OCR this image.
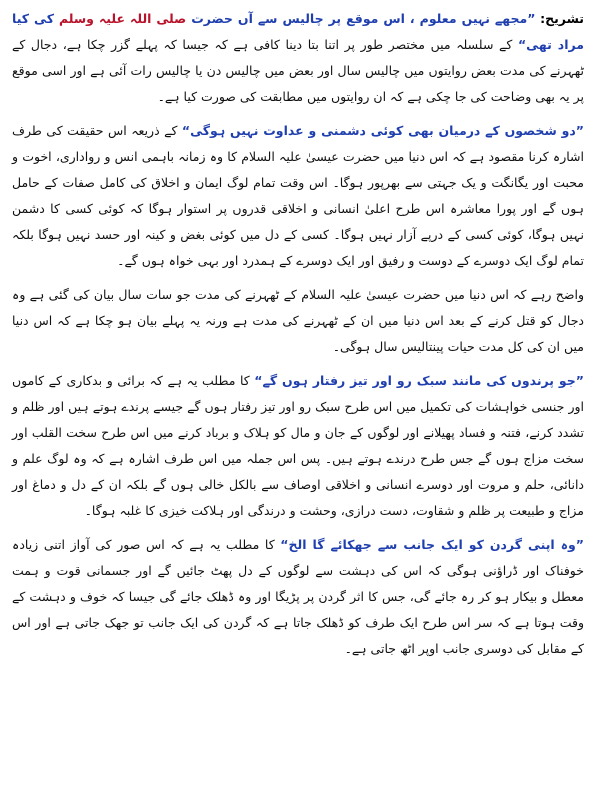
تشریح: ”مجھے نہیں معلوم ، اس موقع پر چالیس سے آں حضرت صلی اللہ علیہ وسلم کی کیا مراد تھی“ کے سلسلہ میں مختصر طور پر اتنا بتا دینا کافی ہے کہ جیسا کہ پہلے گزر چکا ہے، دجال کے ٹھہرنے کی مدت بعض روایتوں میں چالیس سال اور بعض میں چالیس دن یا چالیس رات آئی ہے اور اسی موقع پر یہ بھی وضاحت کی جا چکی ہے کہ ان روایتوں میں مطابقت کی صورت کیا ہے۔

”دو شخصوں کے درمیان بھی کوئی دشمنی و عداوت نہیں ہوگی“ کے ذریعہ اس حقیقت کی طرف اشارہ کرنا مقصود ہے کہ اس دنیا میں حضرت عیسیٰ علیہ السلام کا وہ زمانہ باہمی انس و رواداری، اخوت و محبت اور یگانگت و یک جہتی سے بھرپور ہوگا۔ اس وقت تمام لوگ ایمان و اخلاق کی کامل صفات کے حامل ہوں گے اور پورا معاشرہ اس طرح اعلیٰ انسانی و اخلاقی قدروں پر استوار ہوگا کہ کوئی کسی کا دشمن نہیں ہوگا، کوئی کسی کے درپے آزار نہیں ہوگا۔ کسی کے دل میں کوئی بغض و کینہ اور حسد نہیں ہوگا بلکہ تمام لوگ ایک دوسرے کے دوست و رفیق اور ایک دوسرے کے ہمدرد اور بہی خواہ ہوں گے۔

واضح رہے کہ اس دنیا میں حضرت عیسیٰ علیہ السلام کے ٹھہرنے کی مدت جو سات سال بیان کی گئی ہے وہ دجال کو قتل کرنے کے بعد اس دنیا میں ان کے ٹھہرنے کی مدت ہے ورنہ یہ پہلے بیان ہو چکا ہے کہ اس دنیا میں ان کی کل مدت حیات پینتالیس سال ہوگی۔

”جو پرندوں کی مانند سبک رو اور تیز رفتار ہوں گے“ کا مطلب یہ ہے کہ برائی و بدکاری کے کاموں اور جنسی خواہشات کی تکمیل میں اس طرح سبک رو اور تیز رفتار ہوں گے جیسے پرندے ہوتے ہیں اور ظلم و تشدد کرنے، فتنہ و فساد پھیلانے اور لوگوں کے جان و مال کو ہلاک و برباد کرنے میں اس طرح سخت القلب اور سخت مزاج ہوں گے جس طرح درندے ہوتے ہیں۔ پس اس جملہ میں اس طرف اشارہ ہے کہ وہ لوگ علم و دانائی، حلم و مروت اور دوسرے انسانی و اخلاقی اوصاف سے بالکل خالی ہوں گے بلکہ ان کے دل و دماغ اور مزاج و طبیعت پر ظلم و شقاوت، دست درازی، وحشت و درندگی اور ہلاکت خیزی کا غلبہ ہوگا۔

”وہ اپنی گردن کو ایک جانب سے جھکائے گا الخ“ کا مطلب یہ ہے کہ اس صور کی آواز اتنی زیادہ خوفناک اور ڈراؤنی ہوگی کہ اس کی دہشت سے لوگوں کے دل پھٹ جائیں گے اور جسمانی قوت و ہمت معطل و بیکار ہو کر رہ جائے گی، جس کا اثر گردن پر پڑیگا اور وہ ڈھلک جائے گی جیسا کہ خوف و دہشت کے وقت ہوتا ہے کہ سر اس طرح ایک طرف کو ڈھلک جاتا ہے کہ گردن کی ایک جانب تو جھک جاتی ہے اور اس کے مقابل کی دوسری جانب اوپر اٹھ جاتی ہے۔
